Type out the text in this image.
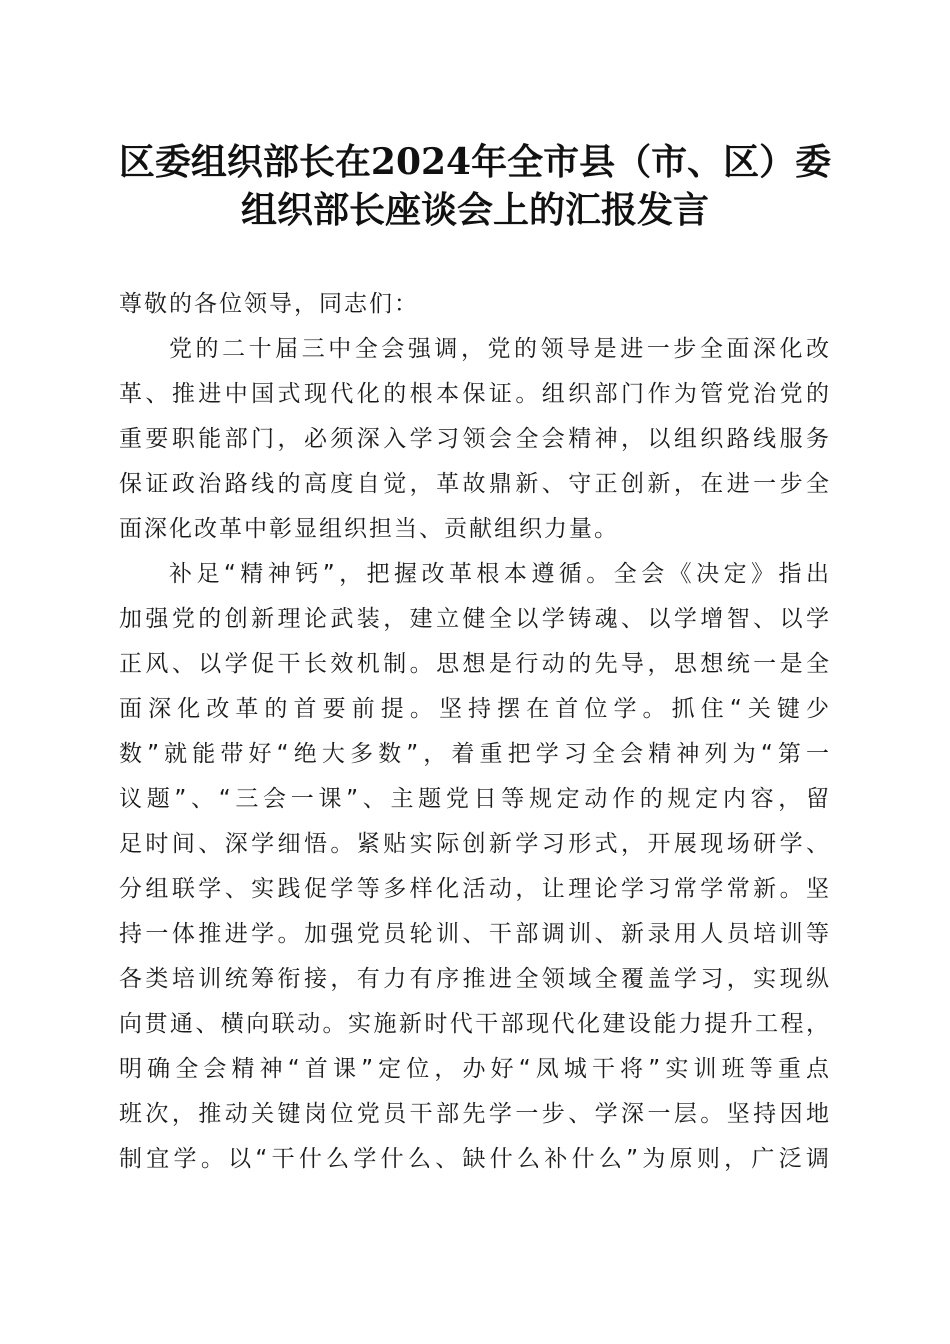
区委组织部长在2024年全市县（市、区）委
组织部长座谈会上的汇报发言
尊敬的各位领导，同志们：
党的二十届三中全会强调，党的领导是进一步全面深化改
革、推进中国式现代化的根本保证。组织部门作为管党治党的
重要职能部门，必须深入学习领会全会精神，以组织路线服务
保证政治路线的高度自觉，革故鼎新、守正创新，在进一步全
面深化改革中彰显组织担当、贡献组织力量。
补足“精神钙”，把握改革根本遵循。全会《决定》指出
加强党的创新理论武装，建立健全以学铸魂、以学增智、以学
正风、以学促干长效机制。思想是行动的先导，思想统一是全
面深化改革的首要前提。坚持摆在首位学。抓住“关键少
数”就能带好“绝大多数”，着重把学习全会精神列为“第一
议题”、“三会一课”、主题党日等规定动作的规定内容，留
足时间、深学细悟。紧贴实际创新学习形式，开展现场研学、
分组联学、实践促学等多样化活动，让理论学习常学常新。坚
持一体推进学。加强党员轮训、干部调训、新录用人员培训等
各类培训统筹衔接，有力有序推进全领域全覆盖学习，实现纵
向贯通、横向联动。实施新时代干部现代化建设能力提升工程，
明确全会精神“首课”定位，办好“凤城干将”实训班等重点
班次，推动关键岗位党员干部先学一步、学深一层。坚持因地
制宜学。以“干什么学什么、缺什么补什么”为原则，广泛调
